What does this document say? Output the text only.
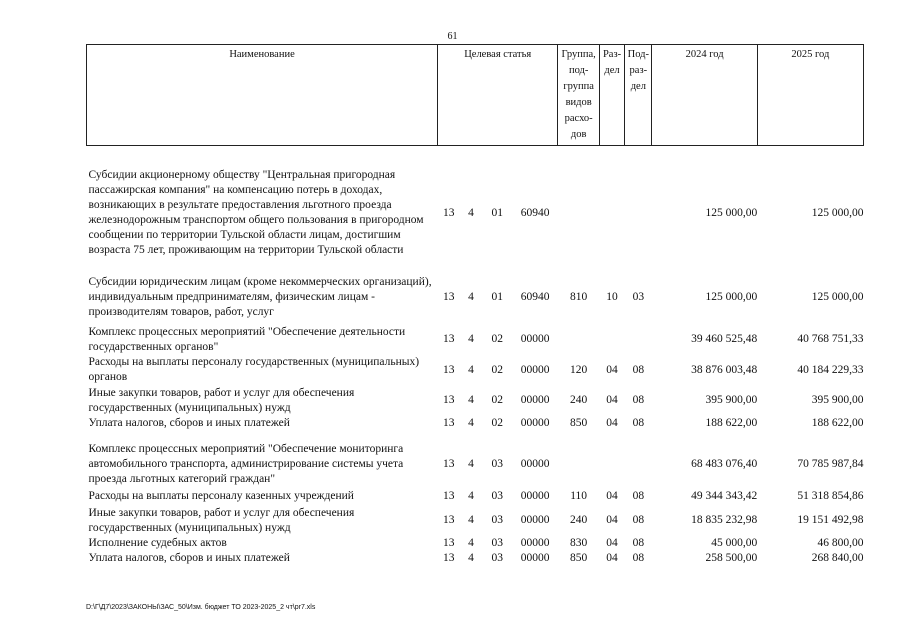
61
Наименование	Целевая статья				Группа, под- группа видов расхо- дов	Раз- дел	Под- раз- дел	2024 год	2025 год
Субсидии акционерному обществу "Центральная пригородная пассажирская компания" на компенсацию потерь в доходах, возникающих в результате предоставления льготного проезда железнодорожным транспортом общего пользования в пригородном сообщении по территории Тульской области лицам, достигшим возраста 75 лет, проживающим на территории Тульской области	13	4	01	60940				125 000,00	125 000,00
Субсидии юридическим лицам (кроме некоммерческих организаций), индивидуальным предпринимателям, физическим лицам - производителям товаров, работ, услуг	13	4	01	60940	810	10	03	125 000,00	125 000,00
Комплекс процессных мероприятий "Обеспечение деятельности государственных органов"	13	4	02	00000				39 460 525,48	40 768 751,33
Расходы на выплаты персоналу государственных (муниципальных) органов	13	4	02	00000	120	04	08	38 876 003,48	40 184 229,33
Иные закупки товаров, работ и услуг для обеспечения государственных (муниципальных) нужд	13	4	02	00000	240	04	08	395 900,00	395 900,00
Уплата налогов, сборов и иных платежей	13	4	02	00000	850	04	08	188 622,00	188 622,00
Комплекс процессных мероприятий "Обеспечение мониторинга автомобильного транспорта, администрирование системы учета проезда льготных категорий граждан"	13	4	03	00000				68 483 076,40	70 785 987,84
Расходы на выплаты персоналу казенных учреждений	13	4	03	00000	110	04	08	49 344 343,42	51 318 854,86
Иные закупки товаров, работ и услуг для обеспечения государственных (муниципальных) нужд	13	4	03	00000	240	04	08	18 835 232,98	19 151 492,98
Исполнение судебных актов	13	4	03	00000	830	04	08	45 000,00	46 800,00
Уплата налогов, сборов и иных платежей	13	4	03	00000	850	04	08	258 500,00	268 840,00
D:\Г\Д7\2023\ЗАКОНЫ\ЗАС_50\Изм. бюджет ТО 2023-2025_2 чт\pr7.xls
